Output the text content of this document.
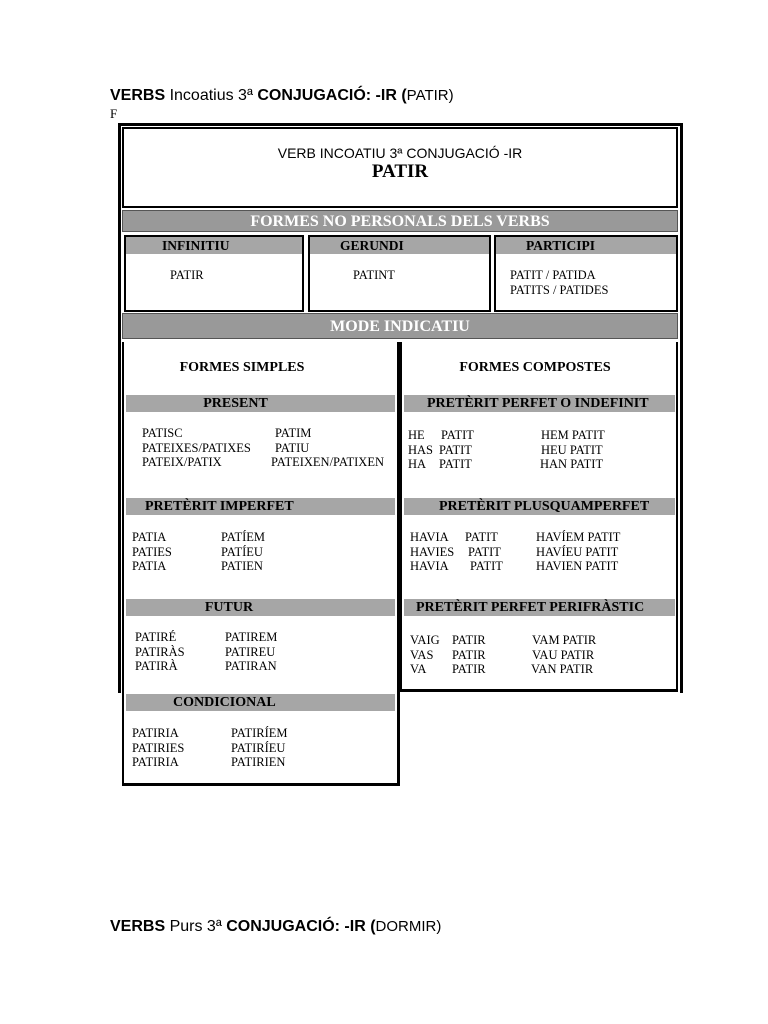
VERBS Incoatius 3ª CONJUGACIÓ: -IR (PATIR)
F
VERB INCOATIU 3ª CONJUGACIÓ -IR
PATIR
FORMES NO PERSONALS DELS VERBS
INFINITIU
PATIR
GERUNDI
PATINT
PARTICIPI
PATIT / PATIDA
PATITS / PATIDES
MODE INDICATIU
FORMES SIMPLES	FORMES COMPOSTES
PRESENT
PATISC
PATEIXES/PATIXES
PATEIX/PATIX
PATIM
PATIU
PATEIXEN/PATIXEN
PRETÈRIT IMPERFET
PATIA
PATIES
PATIA
PATÍEM
PATÍEU
PATIEN
FUTUR
PATIRÉ
PATIRÀS
PATIRÀ
PATIREM
PATIREU
PATIRAN
CONDICIONAL
PATIRIA
PATIRIES
PATIRIA
PATIRÍEM
PATIRÍEU
PATIRIEN
PRETÈRIT PERFET O INDEFINIT
HE
HAS
HA
PATIT
PATIT
PATIT
HEM PATIT
HEU PATIT
HAN PATIT
PRETÈRIT PLUSQUAMPERFET
HAVIA
HAVIES
HAVIA
PATIT
PATIT
PATIT
HAVÍEM PATIT
HAVÍEU PATIT
HAVIEN PATIT
PRETÈRIT PERFET PERIFRÀSTIC
VAIG
VAS
VA
PATIR
PATIR
PATIR
VAM PATIR
VAU PATIR
VAN PATIR
VERBS Purs 3ª CONJUGACIÓ: -IR (DORMIR)
